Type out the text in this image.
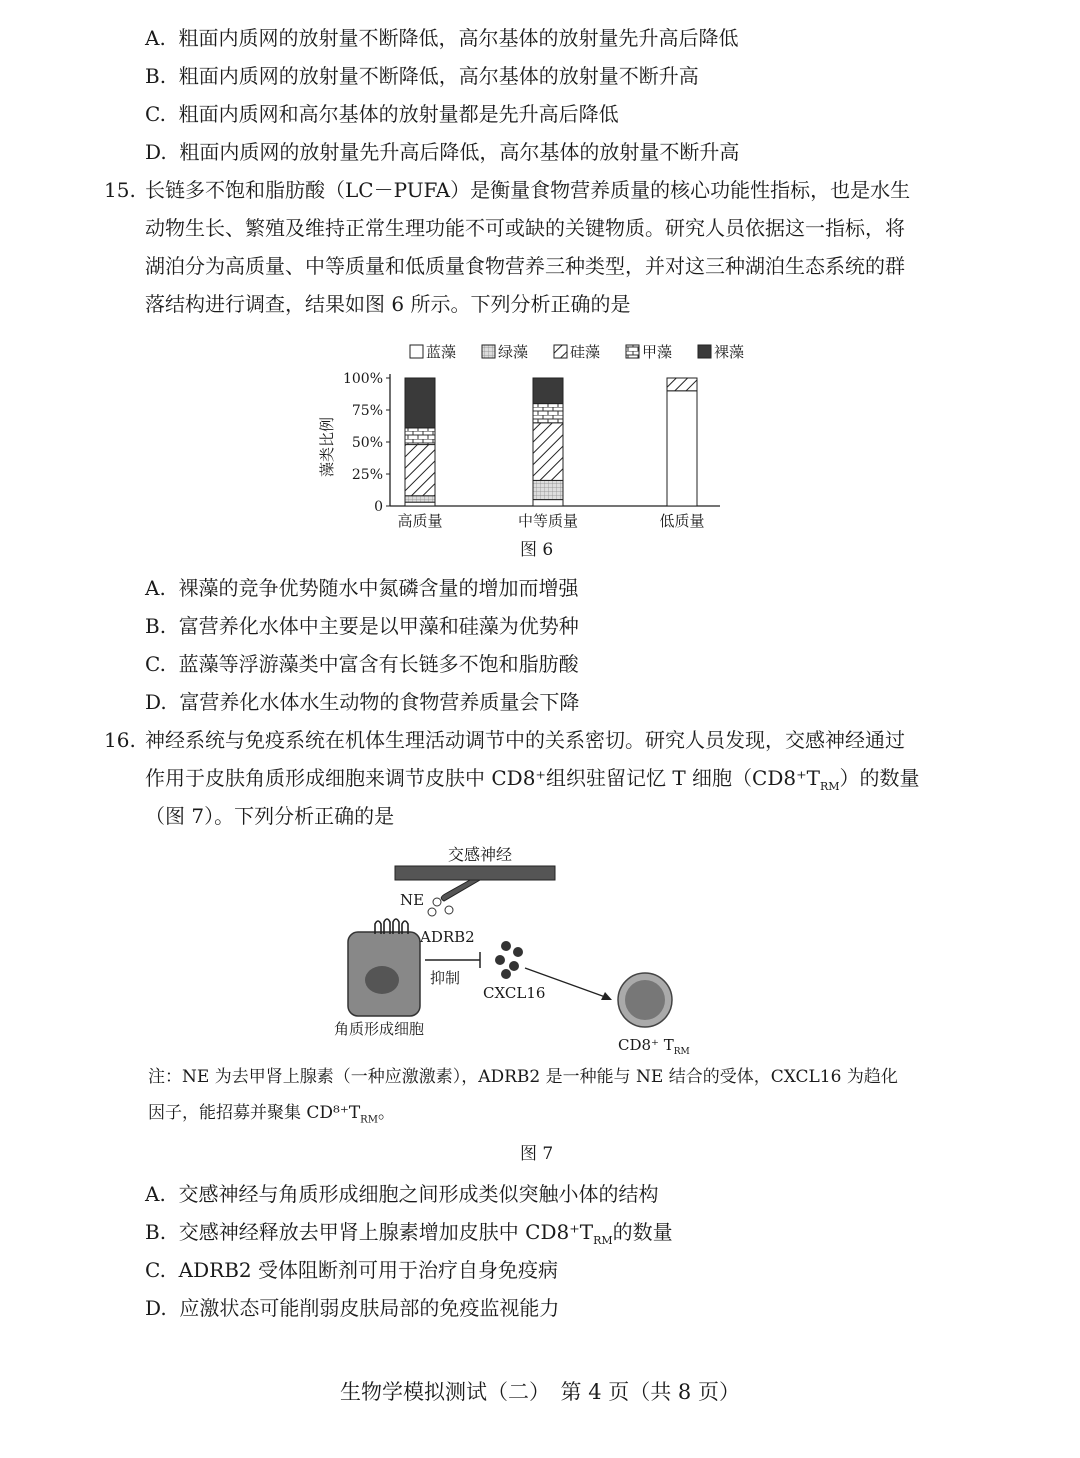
A. 粗面内质网的放射量不断降低，高尔基体的放射量先升高后降低
B. 粗面内质网的放射量不断降低，高尔基体的放射量不断升高
C. 粗面内质网和高尔基体的放射量都是先升高后降低
D. 粗面内质网的放射量先升高后降低，高尔基体的放射量不断升高
15. 长链多不饱和脂肪酸（LC－PUFA）是衡量食物营养质量的核心功能性指标，也是水生
动物生长、繁殖及维持正常生理功能不可或缺的关键物质。研究人员依据这一指标，将
湖泊分为高质量、中等质量和低质量食物营养三种类型，并对这三种湖泊生态系统的群
落结构进行调查，结果如图 6 所示。下列分析正确的是
蓝藻	绿藻	硅藻	甲藻	裸藻
0
25%
50%
75%
100%
高质量	中等质量	低质量
藻类比例
图 6
A. 裸藻的竞争优势随水中氮磷含量的增加而增强
B. 富营养化水体中主要是以甲藻和硅藻为优势种
C. 蓝藻等浮游藻类中富含有长链多不饱和脂肪酸
D. 富营养化水体水生动物的食物营养质量会下降
16. 神经系统与免疫系统在机体生理活动调节中的关系密切。研究人员发现，交感神经通过
作用于皮肤角质形成细胞来调节皮肤中 CD8⁺组织驻留记忆 T 细胞$(CD8^+T_{RM})$的数量
（图 7）。下列分析正确的是
交感神经
NE
ADRB2
抑制
CXCL16
角质形成细胞
CD8⁺ $T_{RM}$
注：NE 为去甲肾上腺素（一种应激激素），ADRB2 是一种能与 NE 结合的受体，CXCL16 为趋化
因子，能招募并聚集 $CD^{8+}T_{RM}$。
图 7
A. 交感神经与角质形成细胞之间形成类似突触小体的结构
B. 交感神经释放去甲肾上腺素增加皮肤中 $CD8^+T_{RM}$的数量
C. ADRB2 受体阻断剂可用于治疗自身免疫病
D. 应激状态可能削弱皮肤局部的免疫监视能力
生物学模拟测试（二）　第 4 页（共 8 页）
